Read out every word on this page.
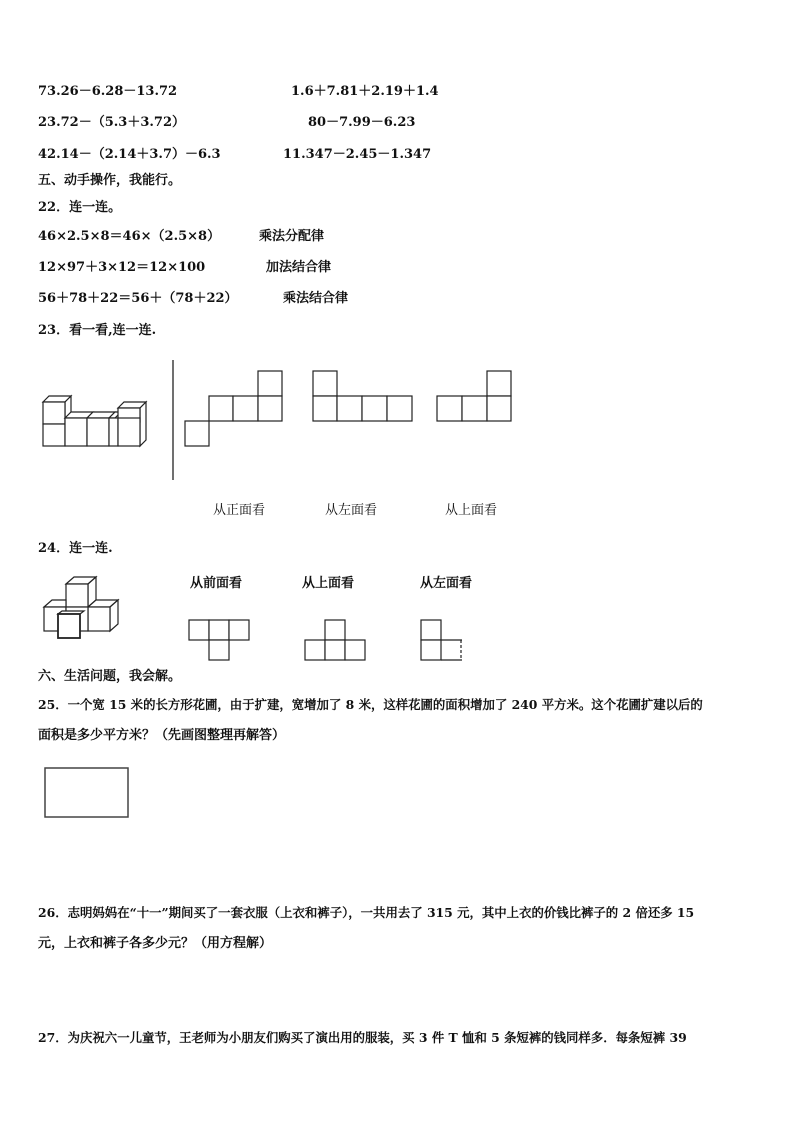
73.26－6.28－13.72	1.6＋7.81＋2.19＋1.4
23.72－（5.3＋3.72）	80－7.99－6.23
42.14－（2.14＋3.7）－6.3	11.347－2.45－1.347
五、动手操作，我能行。
22．连一连。
46×2.5×8＝46×（2.5×8）	乘法分配律
12×97＋3×12＝12×100	加法结合律
56＋78＋22＝56＋（78＋22）	乘法结合律
23．看一看,连一连.
从正面看	从左面看	从上面看
24．连一连.
从前面看	从上面看	从左面看
六、生活问题，我会解。
25．一个宽 15 米的长方形花圃，由于扩建，宽增加了 8 米，这样花圃的面积增加了 240 平方米。这个花圃扩建以后的
面积是多少平方米？（先画图整理再解答）
26．志明妈妈在“十一”期间买了一套衣服（上衣和裤子），一共用去了 315 元，其中上衣的价钱比裤子的 2 倍还多 15
元，上衣和裤子各多少元？（用方程解）
27．为庆祝六一儿童节，王老师为小朋友们购买了演出用的服装，买 3 件 T 恤和 5 条短裤的钱同样多．每条短裤 39
